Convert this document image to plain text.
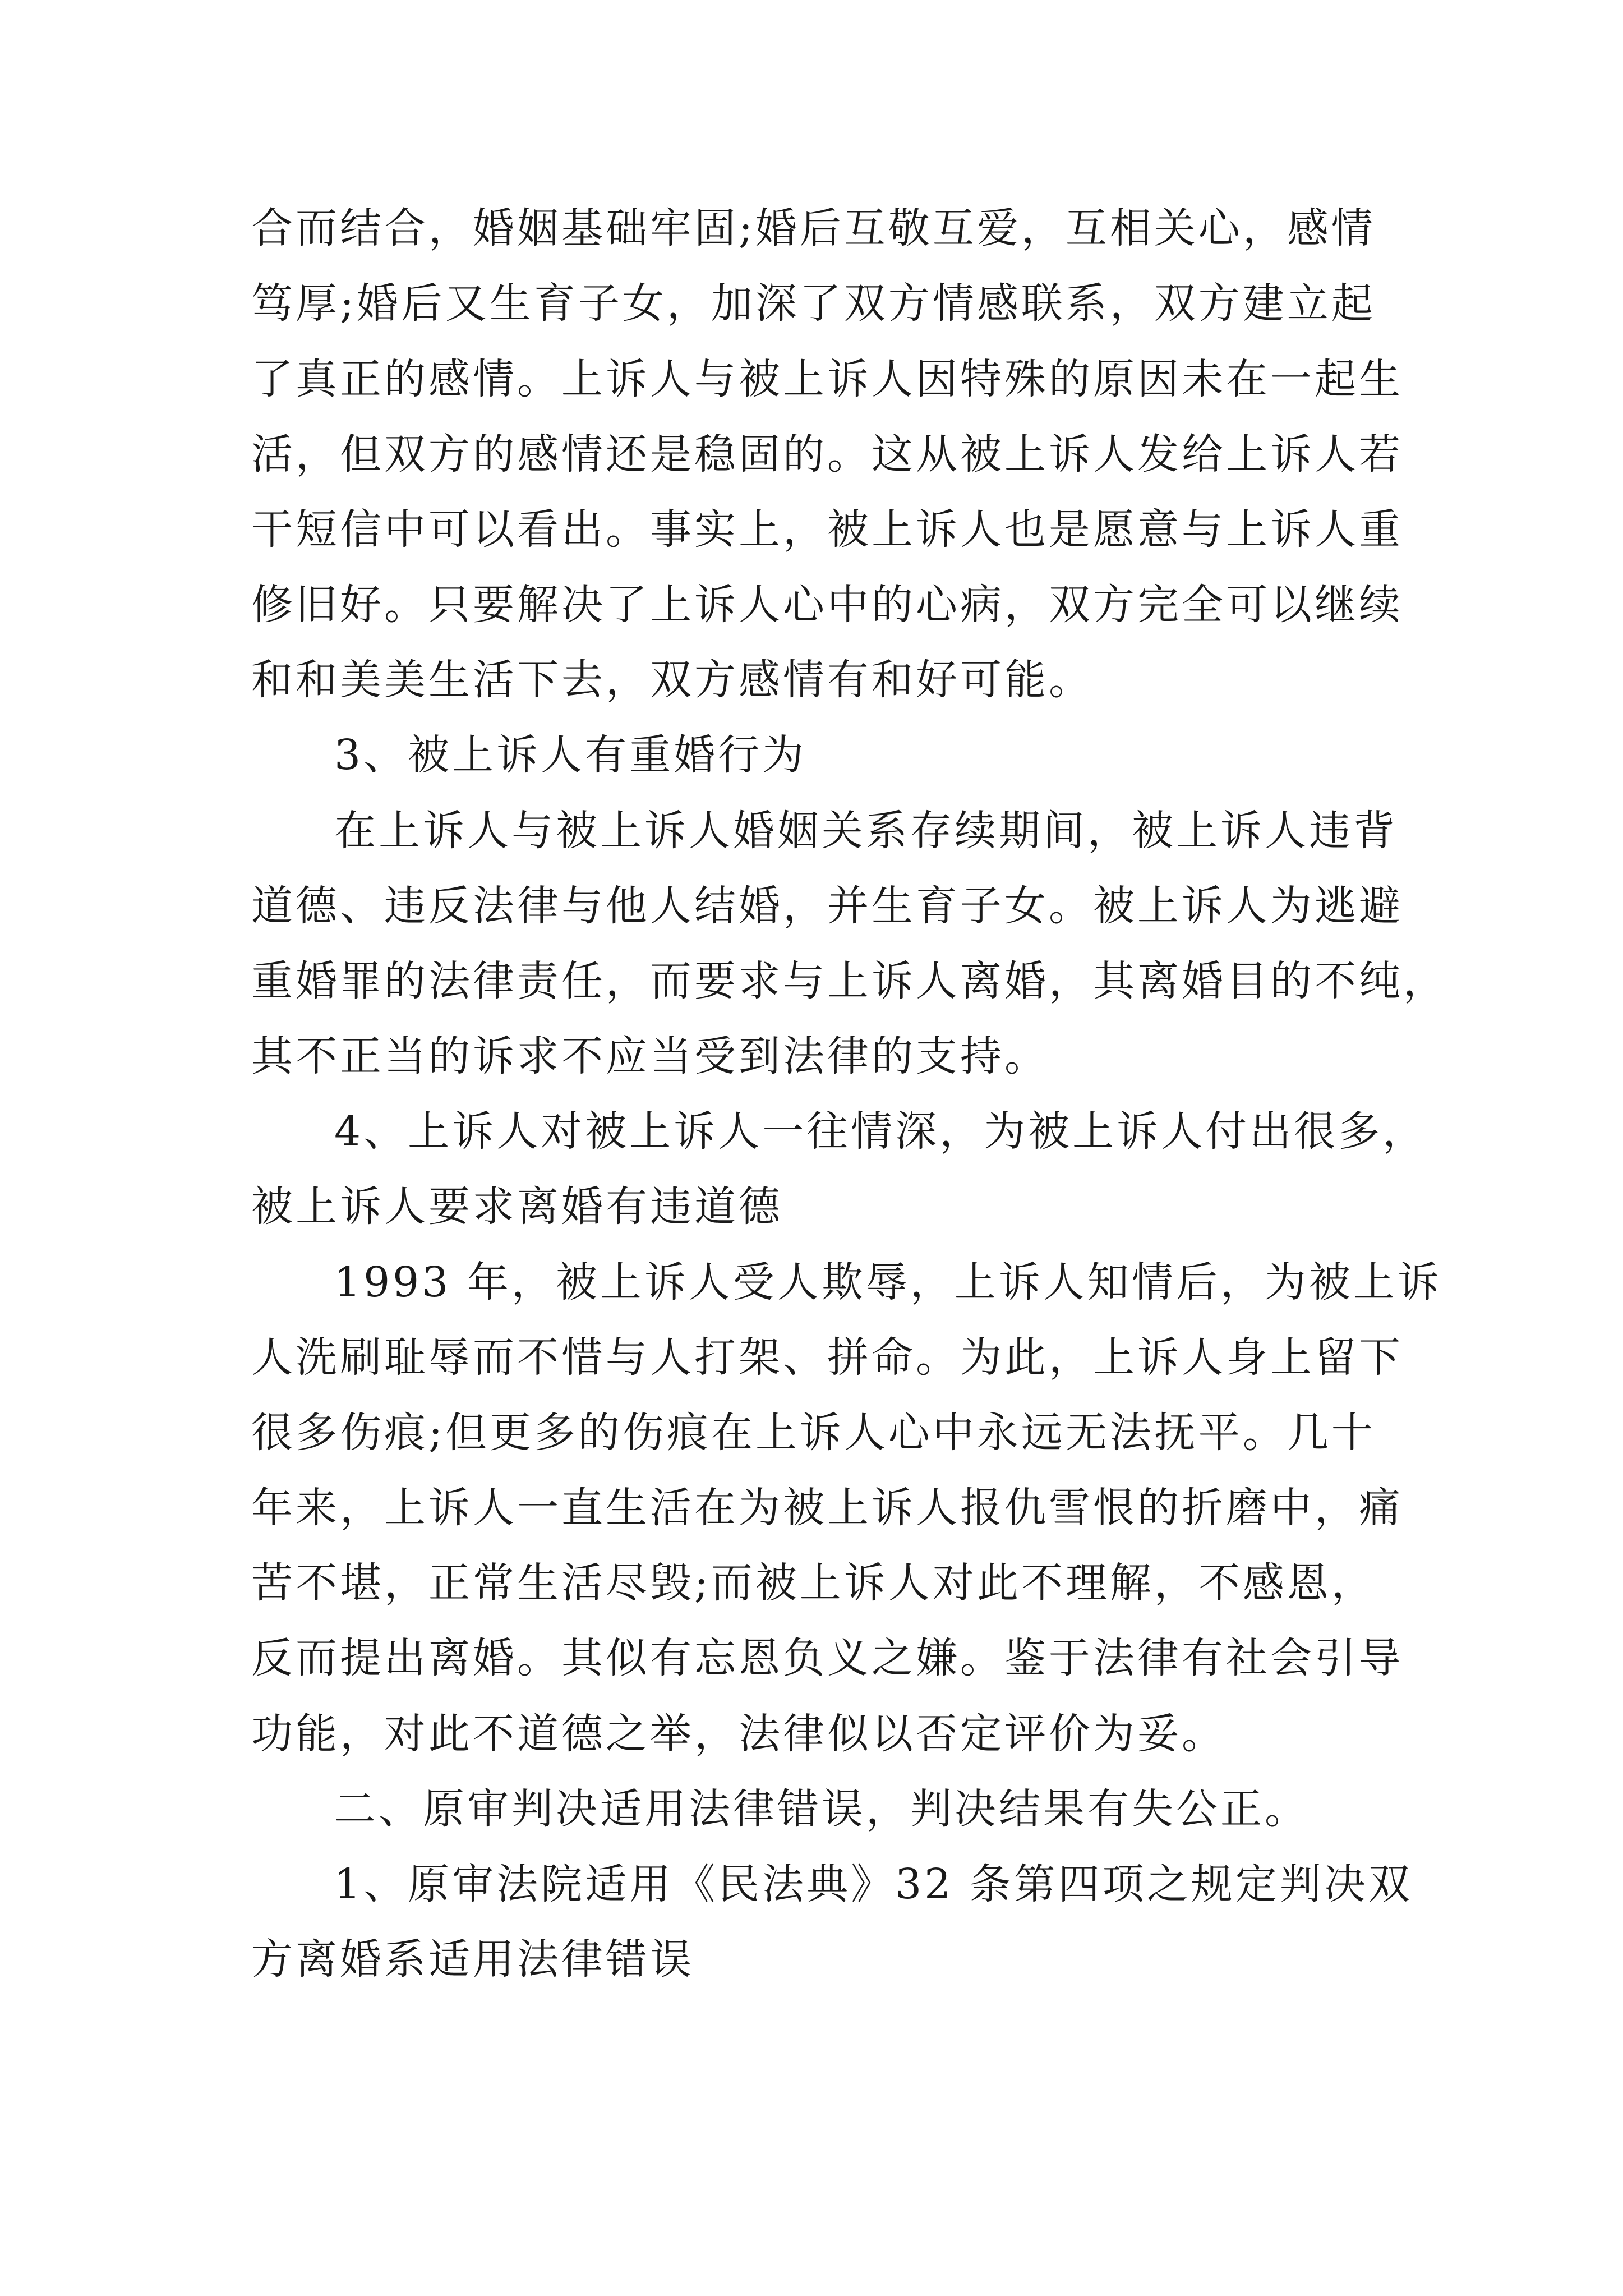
合而结合，婚姻基础牢固;婚后互敬互爱，互相关心，感情
笃厚;婚后又生育子女，加深了双方情感联系，双方建立起
了真正的感情。上诉人与被上诉人因特殊的原因未在一起生
活，但双方的感情还是稳固的。这从被上诉人发给上诉人若
干短信中可以看出。事实上，被上诉人也是愿意与上诉人重
修旧好。只要解决了上诉人心中的心病，双方完全可以继续
和和美美生活下去，双方感情有和好可能。
3、被上诉人有重婚行为
在上诉人与被上诉人婚姻关系存续期间，被上诉人违背
道德、违反法律与他人结婚，并生育子女。被上诉人为逃避
重婚罪的法律责任，而要求与上诉人离婚，其离婚目的不纯，
其不正当的诉求不应当受到法律的支持。
4、上诉人对被上诉人一往情深，为被上诉人付出很多，
被上诉人要求离婚有违道德
1993 年，被上诉人受人欺辱，上诉人知情后，为被上诉
人洗刷耻辱而不惜与人打架、拼命。为此，上诉人身上留下
很多伤痕;但更多的伤痕在上诉人心中永远无法抚平。几十
年来，上诉人一直生活在为被上诉人报仇雪恨的折磨中，痛
苦不堪，正常生活尽毁;而被上诉人对此不理解，不感恩，
反而提出离婚。其似有忘恩负义之嫌。鉴于法律有社会引导
功能，对此不道德之举，法律似以否定评价为妥。
二、原审判决适用法律错误，判决结果有失公正。
1、原审法院适用《民法典》32 条第四项之规定判决双
方离婚系适用法律错误
